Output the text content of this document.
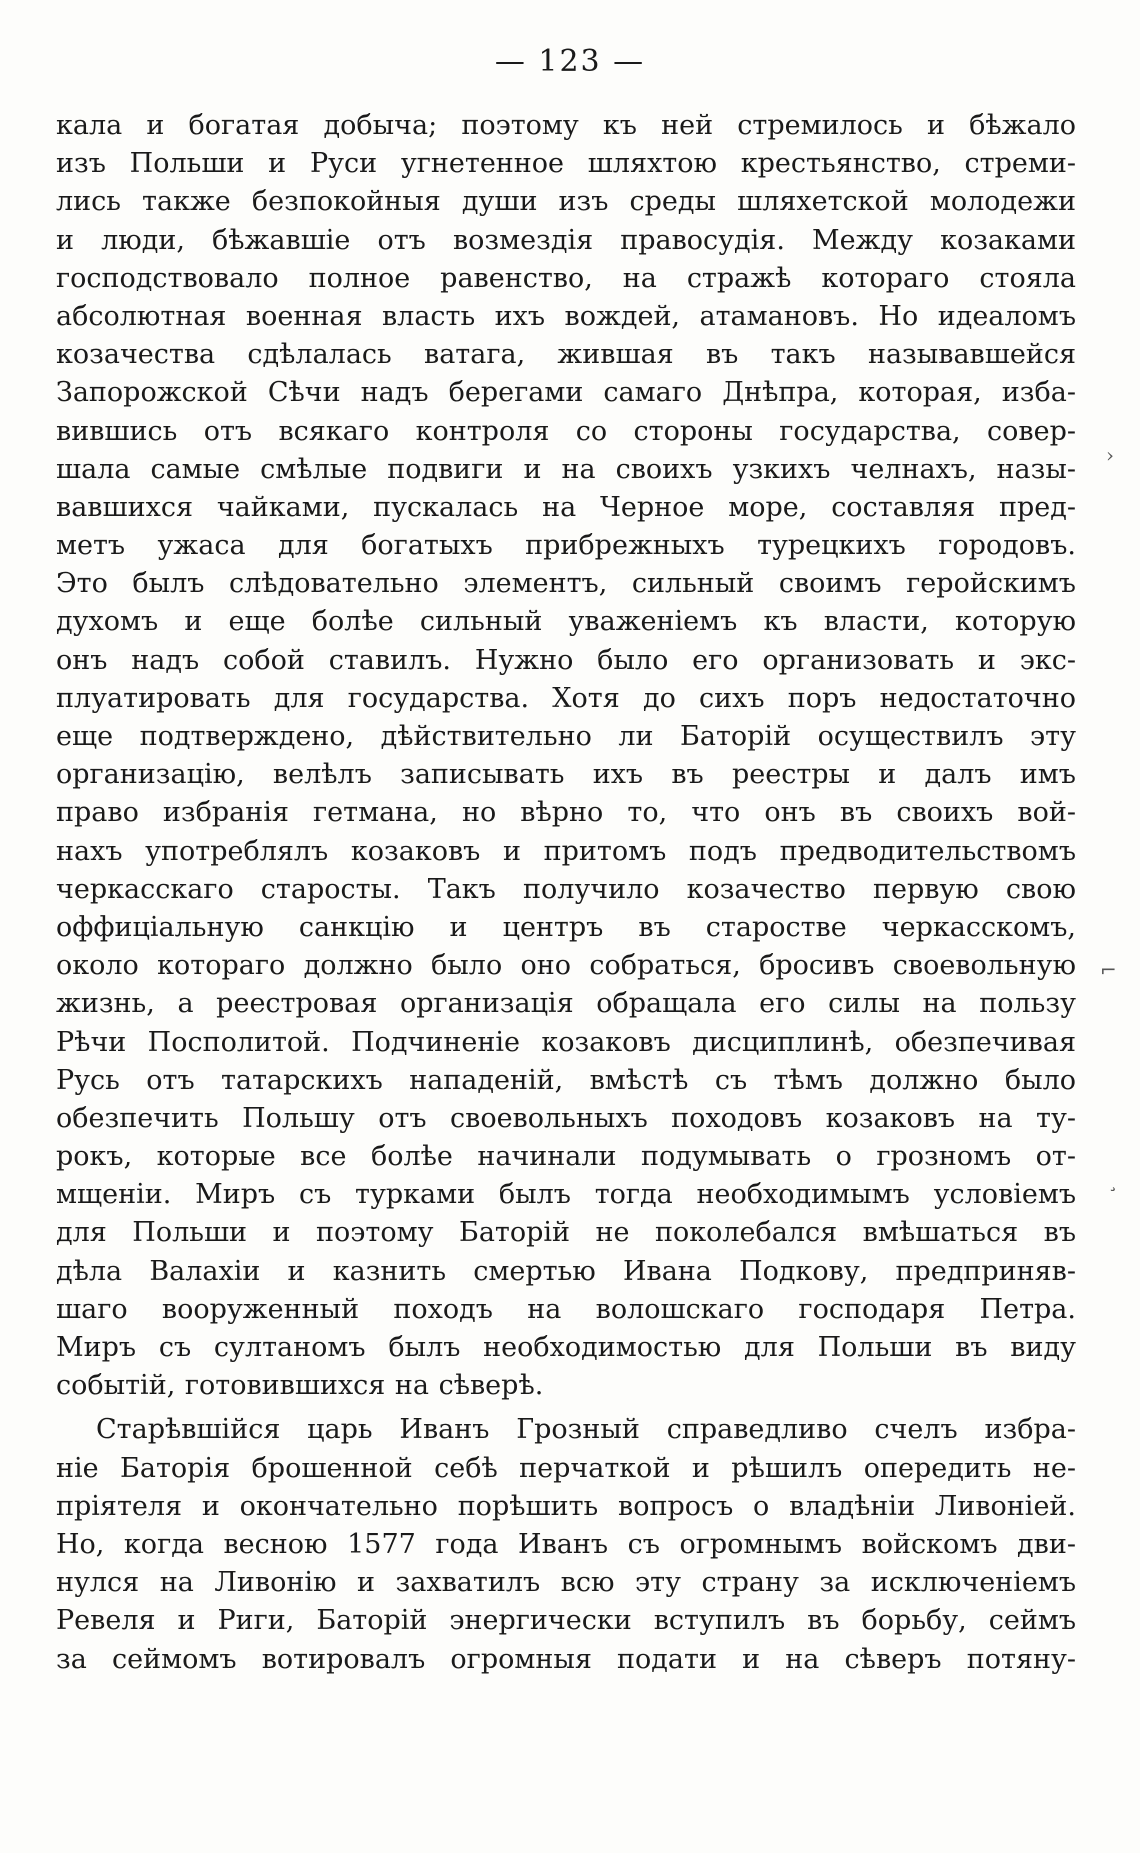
— 123 —
›
⌐
¸
кала и богатая добыча; поэтому къ ней стремилось и бѣжало
изъ Польши и Руси угнетенное шляхтою крестьянство, стреми-
лись также безпокойныя души изъ среды шляхетской молодежи
и люди, бѣжавшіе отъ возмездія правосудія. Между козаками
господствовало полное равенство, на стражѣ котораго стояла
абсолютная военная власть ихъ вождей, атамановъ. Но идеаломъ
козачества сдѣлалась ватага, жившая въ такъ называвшейся
Запорожской Сѣчи надъ берегами самаго Днѣпра, которая, изба-
вившись отъ всякаго контроля со стороны государства, совер-
шала самые смѣлые подвиги и на своихъ узкихъ челнахъ, назы-
вавшихся чайками, пускалась на Черное море, составляя пред-
метъ ужаса для богатыхъ прибрежныхъ турецкихъ городовъ.
Это былъ слѣдовательно элементъ, сильный своимъ геройскимъ
духомъ и еще болѣе сильный уваженіемъ къ власти, которую
онъ надъ собой ставилъ. Нужно было его организовать и экс-
плуатировать для государства. Хотя до сихъ поръ недостаточно
еще подтверждено, дѣйствительно ли Баторій осуществилъ эту
организацію, велѣлъ записывать ихъ въ реестры и далъ имъ
право избранія гетмана, но вѣрно то, что онъ въ своихъ вой-
нахъ употреблялъ козаковъ и притомъ подъ предводительствомъ
черкасскаго старосты. Такъ получило козачество первую свою
оффиціальную санкцію и центръ въ старостве черкасскомъ,
около котораго должно было оно собраться, бросивъ своевольную
жизнь, а реестровая организація обращала его силы на пользу
Рѣчи Посполитой. Подчиненіе козаковъ дисциплинѣ, обезпечивая
Русь отъ татарскихъ нападеній, вмѣстѣ съ тѣмъ должно было
обезпечить Польшу отъ своевольныхъ походовъ козаковъ на ту-
рокъ, которые все болѣе начинали подумывать о грозномъ от-
мщеніи. Миръ съ турками былъ тогда необходимымъ условіемъ
для Польши и поэтому Баторій не поколебался вмѣшаться въ
дѣла Валахіи и казнить смертью Ивана Подкову, предприняв-
шаго вооруженный походъ на волошскаго господаря Петра.
Миръ съ султаномъ былъ необходимостью для Польши въ виду
событій, готовившихся на сѣверѣ.
Старѣвшійся царь Иванъ Грозный справедливо счелъ избра-
ніе Баторія брошенной себѣ перчаткой и рѣшилъ опередить не-
пріятеля и окончательно порѣшить вопросъ о владѣніи Ливоніей.
Но, когда весною 1577 года Иванъ съ огромнымъ войскомъ дви-
нулся на Ливонію и захватилъ всю эту страну за исключеніемъ
Ревеля и Риги, Баторій энергически вступилъ въ борьбу, сеймъ
за сеймомъ вотировалъ огромныя подати и на сѣверъ потяну-
